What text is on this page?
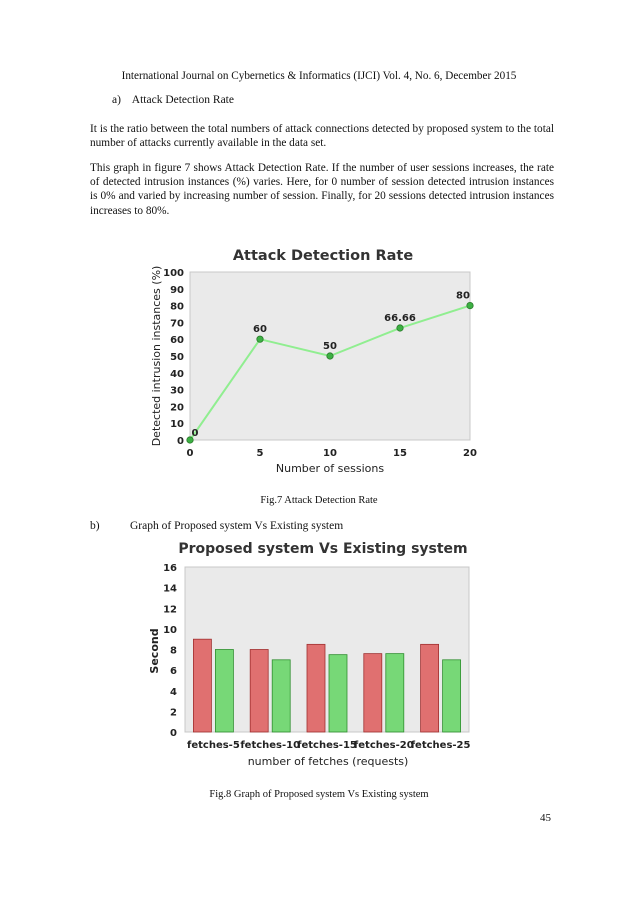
International Journal on Cybernetics & Informatics (IJCI) Vol. 4, No. 6, December 2015
a)    Attack Detection Rate

It is the ratio between the total numbers of attack connections detected by proposed system to the total number of attacks currently available in the data set.

This graph in figure 7 shows Attack Detection Rate. If the number of user sessions increases, the rate of detected intrusion instances (%) varies. Here, for 0 number of session detected intrusion instances is 0% and varied by increasing number of session. Finally, for 20 sessions detected intrusion instances increases to 80%.

Attack Detection Rate
0
10
20
30
40
50
60
70
80
90
100
0	5	10	15	20
0
60
50
66.66
80
Number of sessions
Detected intrusion instances (%)
Fig.7 Attack Detection Rate
b)	Graph of Proposed system Vs Existing system
Proposed system Vs Existing system
0
2
4
6
8
10
12
14
16
fetches-5 fetches-10
fetches-15
fetches-20
fetches-25
number of fetches (requests)
Second
Fig.8 Graph of Proposed system Vs Existing system
45
